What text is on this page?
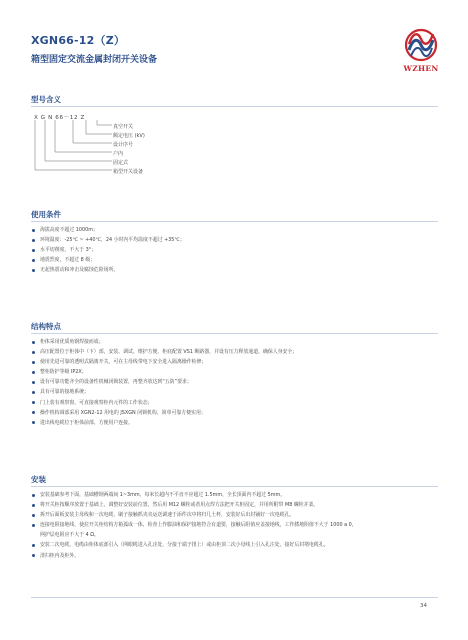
XGN66-12（Z）
箱型固定交流金属封闭开关设备
WZHEN
型号含义
X G N 66－12 Z
真空开关
额定电压 (kV)
设计序号
户内
固定式
箱型开关设备
使用条件
海拔高度不超过 1000m；
环境温度：-25℃ ~ +40℃，24 小时内平均温度不超过 +35℃；
水平切削度，不大于 3°；
地震烈度，不超过 8 级；
无起热震动和冲击及腐蚀危险场所。
结构特点
柜体采用优质角钢焊接而成；
高压配置位于柜体中（下）部，安装、调试、维护方便，柜底配置 VS1 断路器，并设有压力释放通道，确保人身安全；
使用先进可靠的透明式隔离开关，可在主母线带电下安全进入隔离操作检修；
整柜防护等级 IP2X；
设有可靠功能齐全的设备性机械闭锁装置，再整齐放达到“五防”要求；
具有可靠的接地系统；
门上装有观察窗，可直接观察柜内元件的工作状态；
操作机构调部采用 XGN2-12 用电的 JSXGN 闭锁机构，简单可靠方便实用；
进出线电缆位于柜体前部，方便用户连接。
安装
安装基础参考下面，基础槽钢两端间 1~3mm，每米长超内不平直不应超过 1.5mm，全长顶面内不超过 5mm。
将开关柜按顺序放置于基础上，调整好安装前位置，然后用 M12 螺栓或者用点焊方法把开关柜固定，并用所附带 M8 螺栓并柔。
拆开后面板安装主母线和一次电缆，刷子接触抓夹夹运送调速于添件次中将归几土杯，安装好后出封铺好一次电缆孔。
连接电阻接地线，使拉开关柜结构方箱孤成一体，检查上作膨油和保护接地符合有道要，接触后阻值应盖接地线，工作膝地阻值不大于 1000 a 0，
网护层电阻应不大于 4 Ω。
安装二次电缆，电缆由柜体底部引入（网眼缆进入孔洼处，分接于端子排上）或由柜顶二次小母线上引入孔注处，接好后封堵电缆孔。
清扫柜内及柜外。
34
